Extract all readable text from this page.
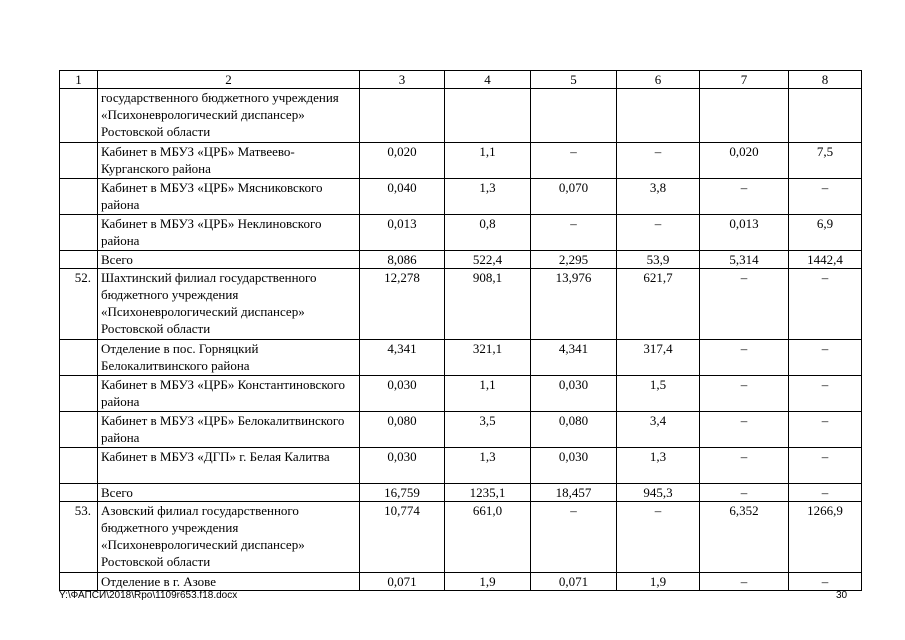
1	2	3	4	5	6	7	8
	государственного бюджетного учреждения «Психоневрологический диспансер» Ростовской области						
	Кабинет в МБУЗ «ЦРБ» Матвеево-Курганского района	0,020	1,1	–	–	0,020	7,5
	Кабинет в МБУЗ «ЦРБ» Мясниковского района	0,040	1,3	0,070	3,8	–	–
	Кабинет в МБУЗ «ЦРБ» Неклиновского района	0,013	0,8	–	–	0,013	6,9
	Всего	8,086	522,4	2,295	53,9	5,314	1442,4
52.	Шахтинский филиал государственного бюджетного учреждения «Психоневрологический диспансер» Ростовской области	12,278	908,1	13,976	621,7	–	–
	Отделение в пос. Горняцкий Белокалитвинского района	4,341	321,1	4,341	317,4	–	–
	Кабинет в МБУЗ «ЦРБ» Константиновского района	0,030	1,1	0,030	1,5	–	–
	Кабинет в МБУЗ «ЦРБ» Белокалитвинского района	0,080	3,5	0,080	3,4	–	–
	Кабинет в МБУЗ «ДГП» г. Белая Калитва	0,030	1,3	0,030	1,3	–	–
	Всего	16,759	1235,1	18,457	945,3	–	–
53.	Азовский филиал государственного бюджетного учреждения «Психоневрологический диспансер» Ростовской области	10,774	661,0	–	–	6,352	1266,9
	Отделение в г. Азове	0,071	1,9	0,071	1,9	–	–
Y:\ФАПСИ\2018\Rpo\1109r653.f18.docx	30
